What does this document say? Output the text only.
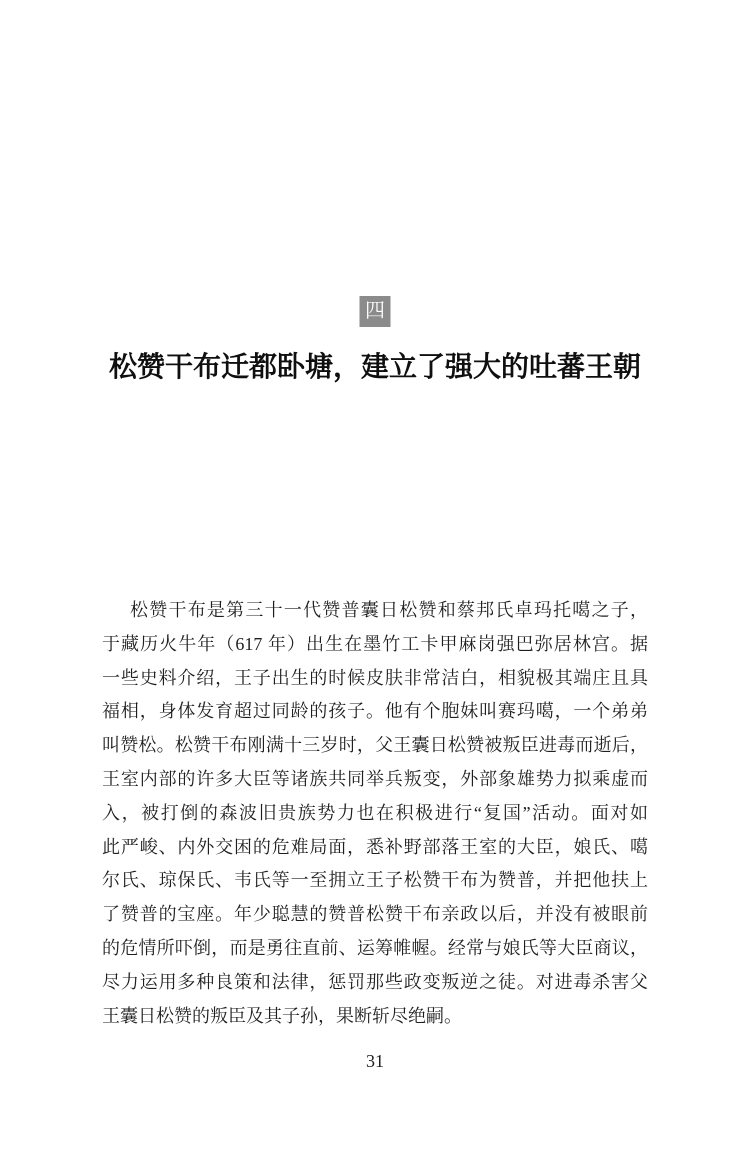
四
松赞干布迁都卧塘，建立了强大的吐蕃王朝
松赞干布是第三十一代赞普囊日松赞和蔡邦氏卓玛托噶之子，
于藏历火牛年（617 年）出生在墨竹工卡甲麻岗强巴弥居林宫。据
一些史料介绍，王子出生的时候皮肤非常洁白，相貌极其端庄且具
福相，身体发育超过同龄的孩子。他有个胞妹叫赛玛噶，一个弟弟
叫赞松。松赞干布刚满十三岁时，父王囊日松赞被叛臣进毒而逝后，
王室内部的许多大臣等诸族共同举兵叛变，外部象雄势力拟乘虚而
入，被打倒的森波旧贵族势力也在积极进行“复国”活动。面对如
此严峻、内外交困的危难局面，悉补野部落王室的大臣，娘氏、噶
尔氏、琼保氏、韦氏等一至拥立王子松赞干布为赞普，并把他扶上
了赞普的宝座。年少聪慧的赞普松赞干布亲政以后，并没有被眼前
的危情所吓倒，而是勇往直前、运筹帷幄。经常与娘氏等大臣商议，
尽力运用多种良策和法律，惩罚那些政变叛逆之徒。对进毒杀害父
王囊日松赞的叛臣及其子孙，果断斩尽绝嗣。
31
